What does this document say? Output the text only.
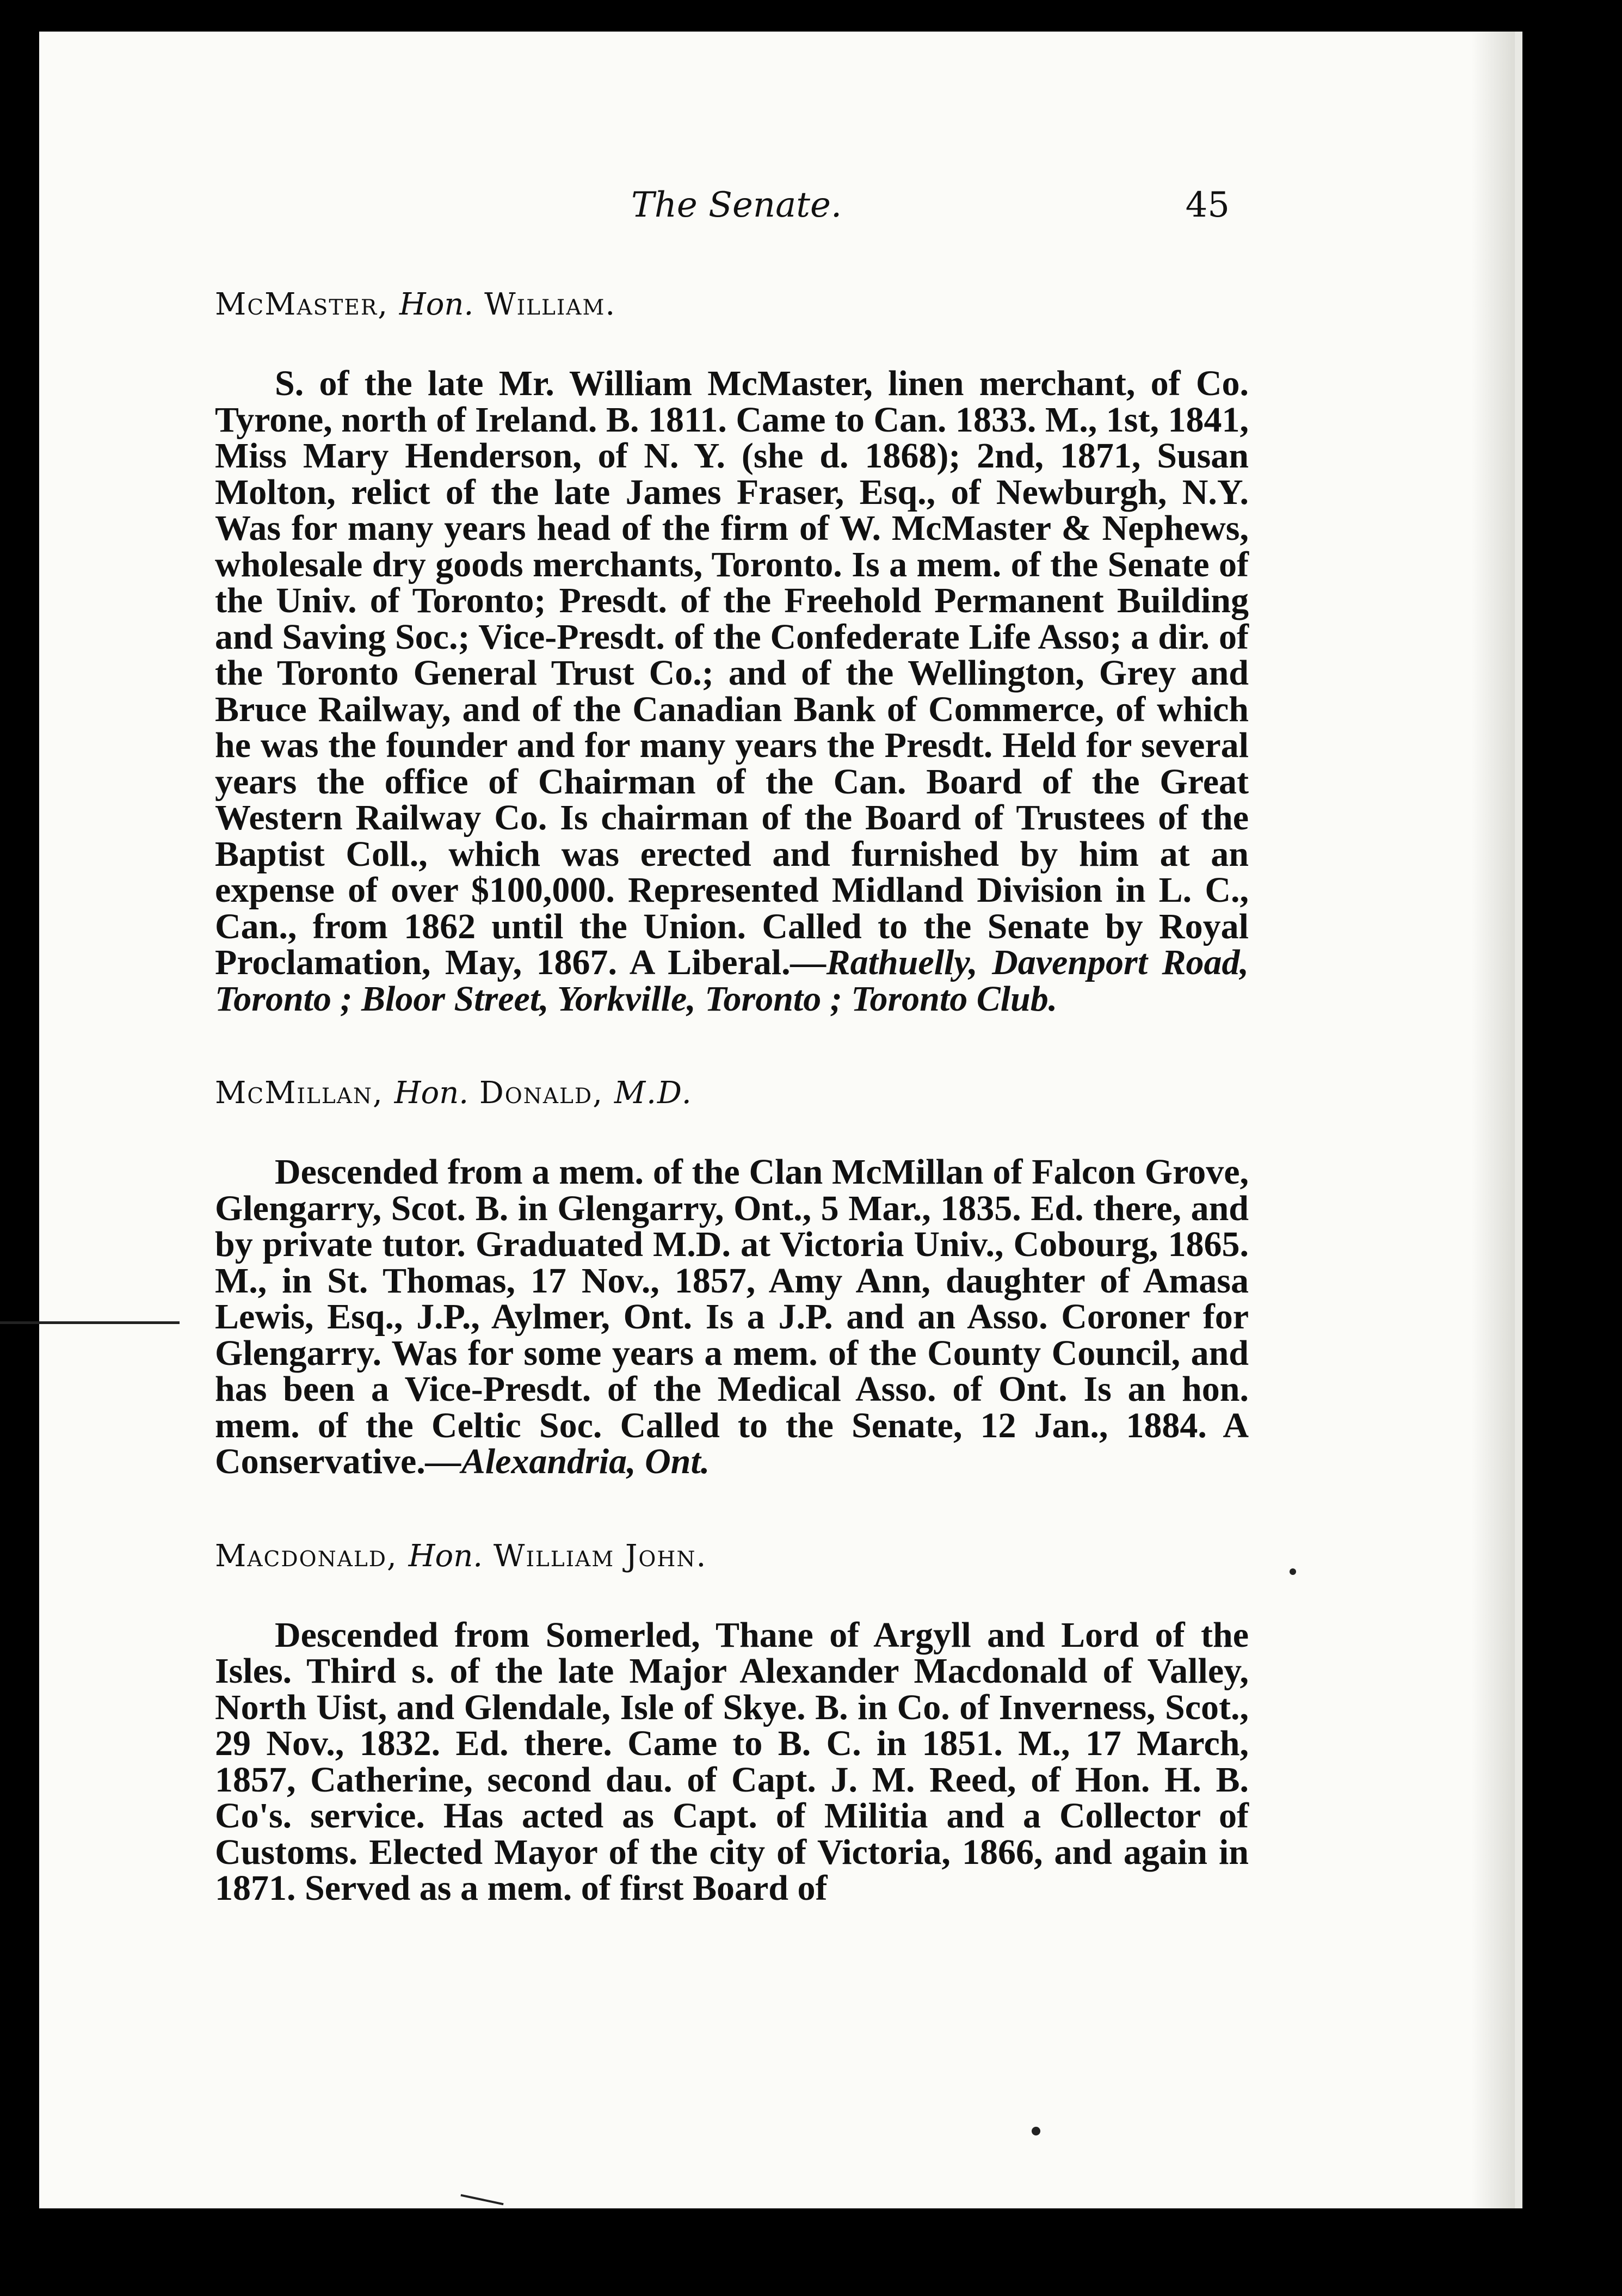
The Senate.	45
McMaster, Hon. William.

S. of the late Mr. William McMaster, linen merchant, of Co. Tyrone, north of Ireland. B. 1811. Came to Can. 1833. M., 1st, 1841, Miss Mary Henderson, of N. Y. (she d. 1868); 2nd, 1871, Susan Molton, relict of the late James Fraser, Esq., of Newburgh, N.Y. Was for many years head of the firm of W. McMaster & Nephews, wholesale dry goods merchants, Toronto. Is a mem. of the Senate of the Univ. of Toronto; Presdt. of the Freehold Permanent Building and Saving Soc.; Vice-Presdt. of the Confederate Life Asso; a dir. of the Toronto General Trust Co.; and of the Wellington, Grey and Bruce Railway, and of the Canadian Bank of Commerce, of which he was the founder and for many years the Presdt. Held for several years the office of Chairman of the Can. Board of the Great Western Railway Co. Is chairman of the Board of Trustees of the Baptist Coll., which was erected and furnished by him at an expense of over $100,000. Represented Midland Division in L. C., Can., from 1862 until the Union. Called to the Senate by Royal Proclamation, May, 1867. A Liberal.—Rathuelly, Davenport Road, Toronto ; Bloor Street, Yorkville, Toronto ; Toronto Club.

McMillan, Hon. Donald, M.D.

Descended from a mem. of the Clan McMillan of Falcon Grove, Glengarry, Scot. B. in Glengarry, Ont., 5 Mar., 1835. Ed. there, and by private tutor. Graduated M.D. at Victoria Univ., Cobourg, 1865. M., in St. Thomas, 17 Nov., 1857, Amy Ann, daughter of Amasa Lewis, Esq., J.P., Aylmer, Ont. Is a J.P. and an Asso. Coroner for Glengarry. Was for some years a mem. of the County Council, and has been a Vice-Presdt. of the Medical Asso. of Ont. Is an hon. mem. of the Celtic Soc. Called to the Senate, 12 Jan., 1884. A Conservative.—Alexandria, Ont.

Macdonald, Hon. William John.

Descended from Somerled, Thane of Argyll and Lord of the Isles. Third s. of the late Major Alexander Macdonald of Valley, North Uist, and Glendale, Isle of Skye. B. in Co. of Inverness, Scot., 29 Nov., 1832. Ed. there. Came to B. C. in 1851. M., 17 March, 1857, Catherine, second dau. of Capt. J. M. Reed, of Hon. H. B. Co's. service. Has acted as Capt. of Militia and a Collector of Customs. Elected Mayor of the city of Victoria, 1866, and again in 1871. Served as a mem. of first Board of
